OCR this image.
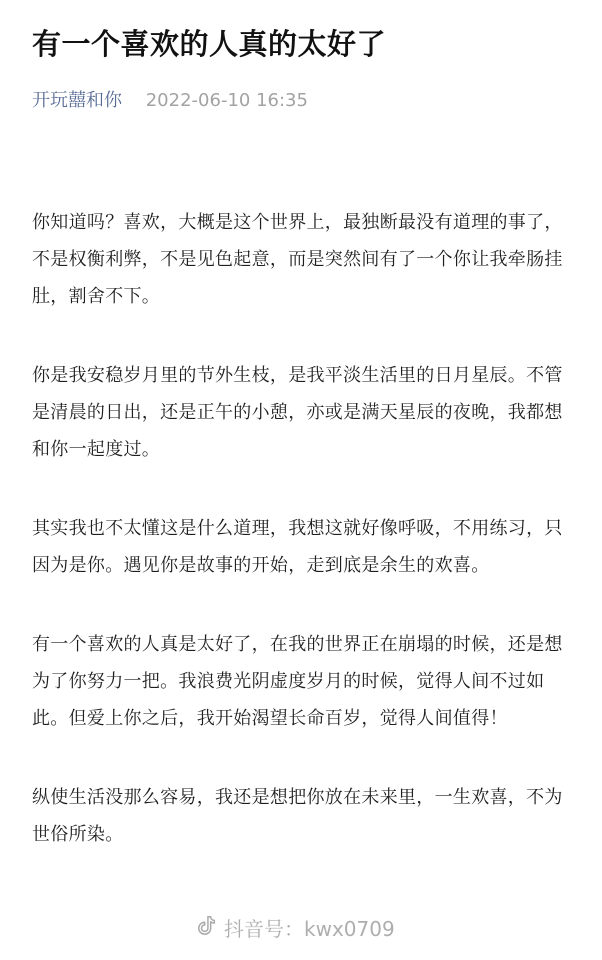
有一个喜欢的人真的太好了
开玩囍和你 2022-06-10 16:35

你知道吗？喜欢，大概是这个世界上，最独断最没有道理的事了，不是权衡利弊，不是见色起意，而是突然间有了一个你让我牵肠挂肚，割舍不下。

你是我安稳岁月里的节外生枝，是我平淡生活里的日月星辰。不管是清晨的日出，还是正午的小憩，亦或是满天星辰的夜晚，我都想和你一起度过。

其实我也不太懂这是什么道理，我想这就好像呼吸，不用练习，只因为是你。遇见你是故事的开始，走到底是余生的欢喜。

有一个喜欢的人真是太好了，在我的世界正在崩塌的时候，还是想为了你努力一把。我浪费光阴虚度岁月的时候，觉得人间不过如此。但爱上你之后，我开始渴望长命百岁，觉得人间值得！

纵使生活没那么容易，我还是想把你放在未来里，一生欢喜，不为世俗所染。

抖音号：kwx0709
